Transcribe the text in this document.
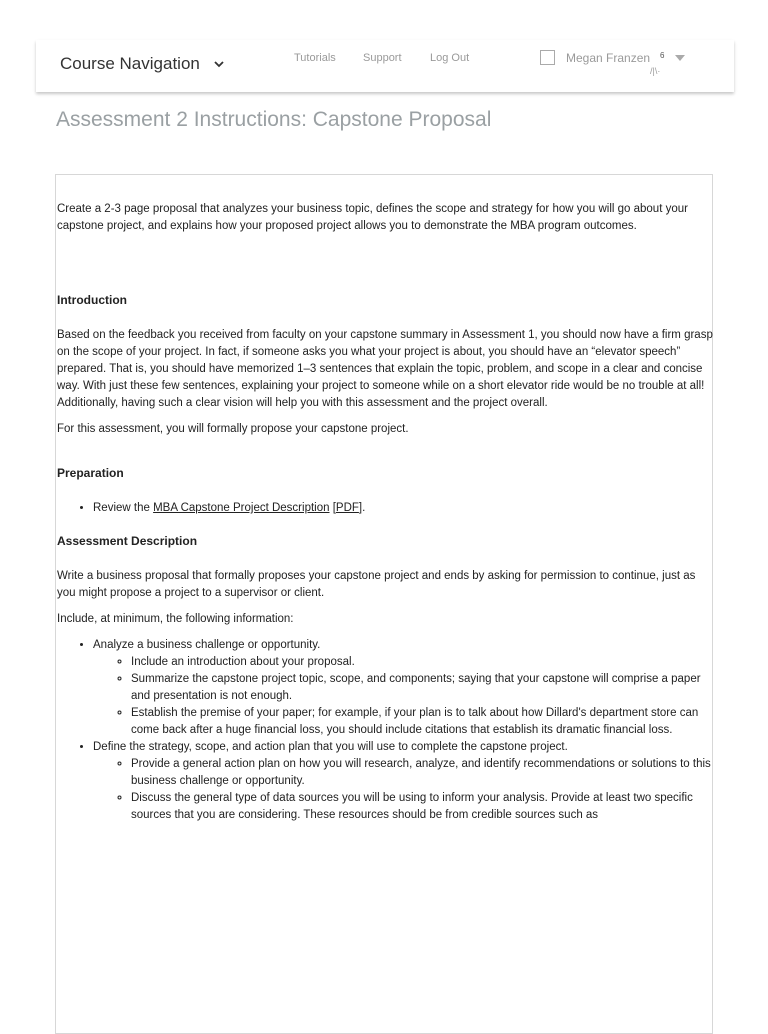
Course Navigation	Tutorials Support	Log Out	Megan Franzen 6
/|\·
Assessment 2 Instructions: Capstone Proposal

Create a 2-3 page proposal that analyzes your business topic, defines the scope and strategy for how you will go about your capstone project, and explains how your proposed project allows you to demonstrate the MBA program outcomes.

Introduction

Based on the feedback you received from faculty on your capstone summary in Assessment 1, you should now have a firm grasp on the scope of your project. In fact, if someone asks you what your project is about, you should have an “elevator speech” prepared. That is, you should have memorized 1–3 sentences that explain the topic, problem, and scope in a clear and concise way. With just these few sentences, explaining your project to someone while on a short elevator ride would be no trouble at all! Additionally, having such a clear vision will help you with this assessment and the project overall.

For this assessment, you will formally propose your capstone project.

Preparation
• Review the MBA Capstone Project Description [PDF].
Assessment Description

Write a business proposal that formally proposes your capstone project and ends by asking for permission to continue, just as you might propose a project to a supervisor or client.

Include, at minimum, the following information:

• Analyze a business challenge or opportunity.
◦ Include an introduction about your proposal.
◦ Summarize the capstone project topic, scope, and components; saying that your capstone will comprise a paper and presentation is not enough.
◦ Establish the premise of your paper; for example, if your plan is to talk about how Dillard's department store can come back after a huge financial loss, you should include citations that establish its dramatic financial loss.
• Define the strategy, scope, and action plan that you will use to complete the capstone project.
◦ Provide a general action plan on how you will research, analyze, and identify recommendations or solutions to this business challenge or opportunity.
◦ Discuss the general type of data sources you will be using to inform your analysis. Provide at least two specific sources that you are considering. These resources should be from credible sources such as
